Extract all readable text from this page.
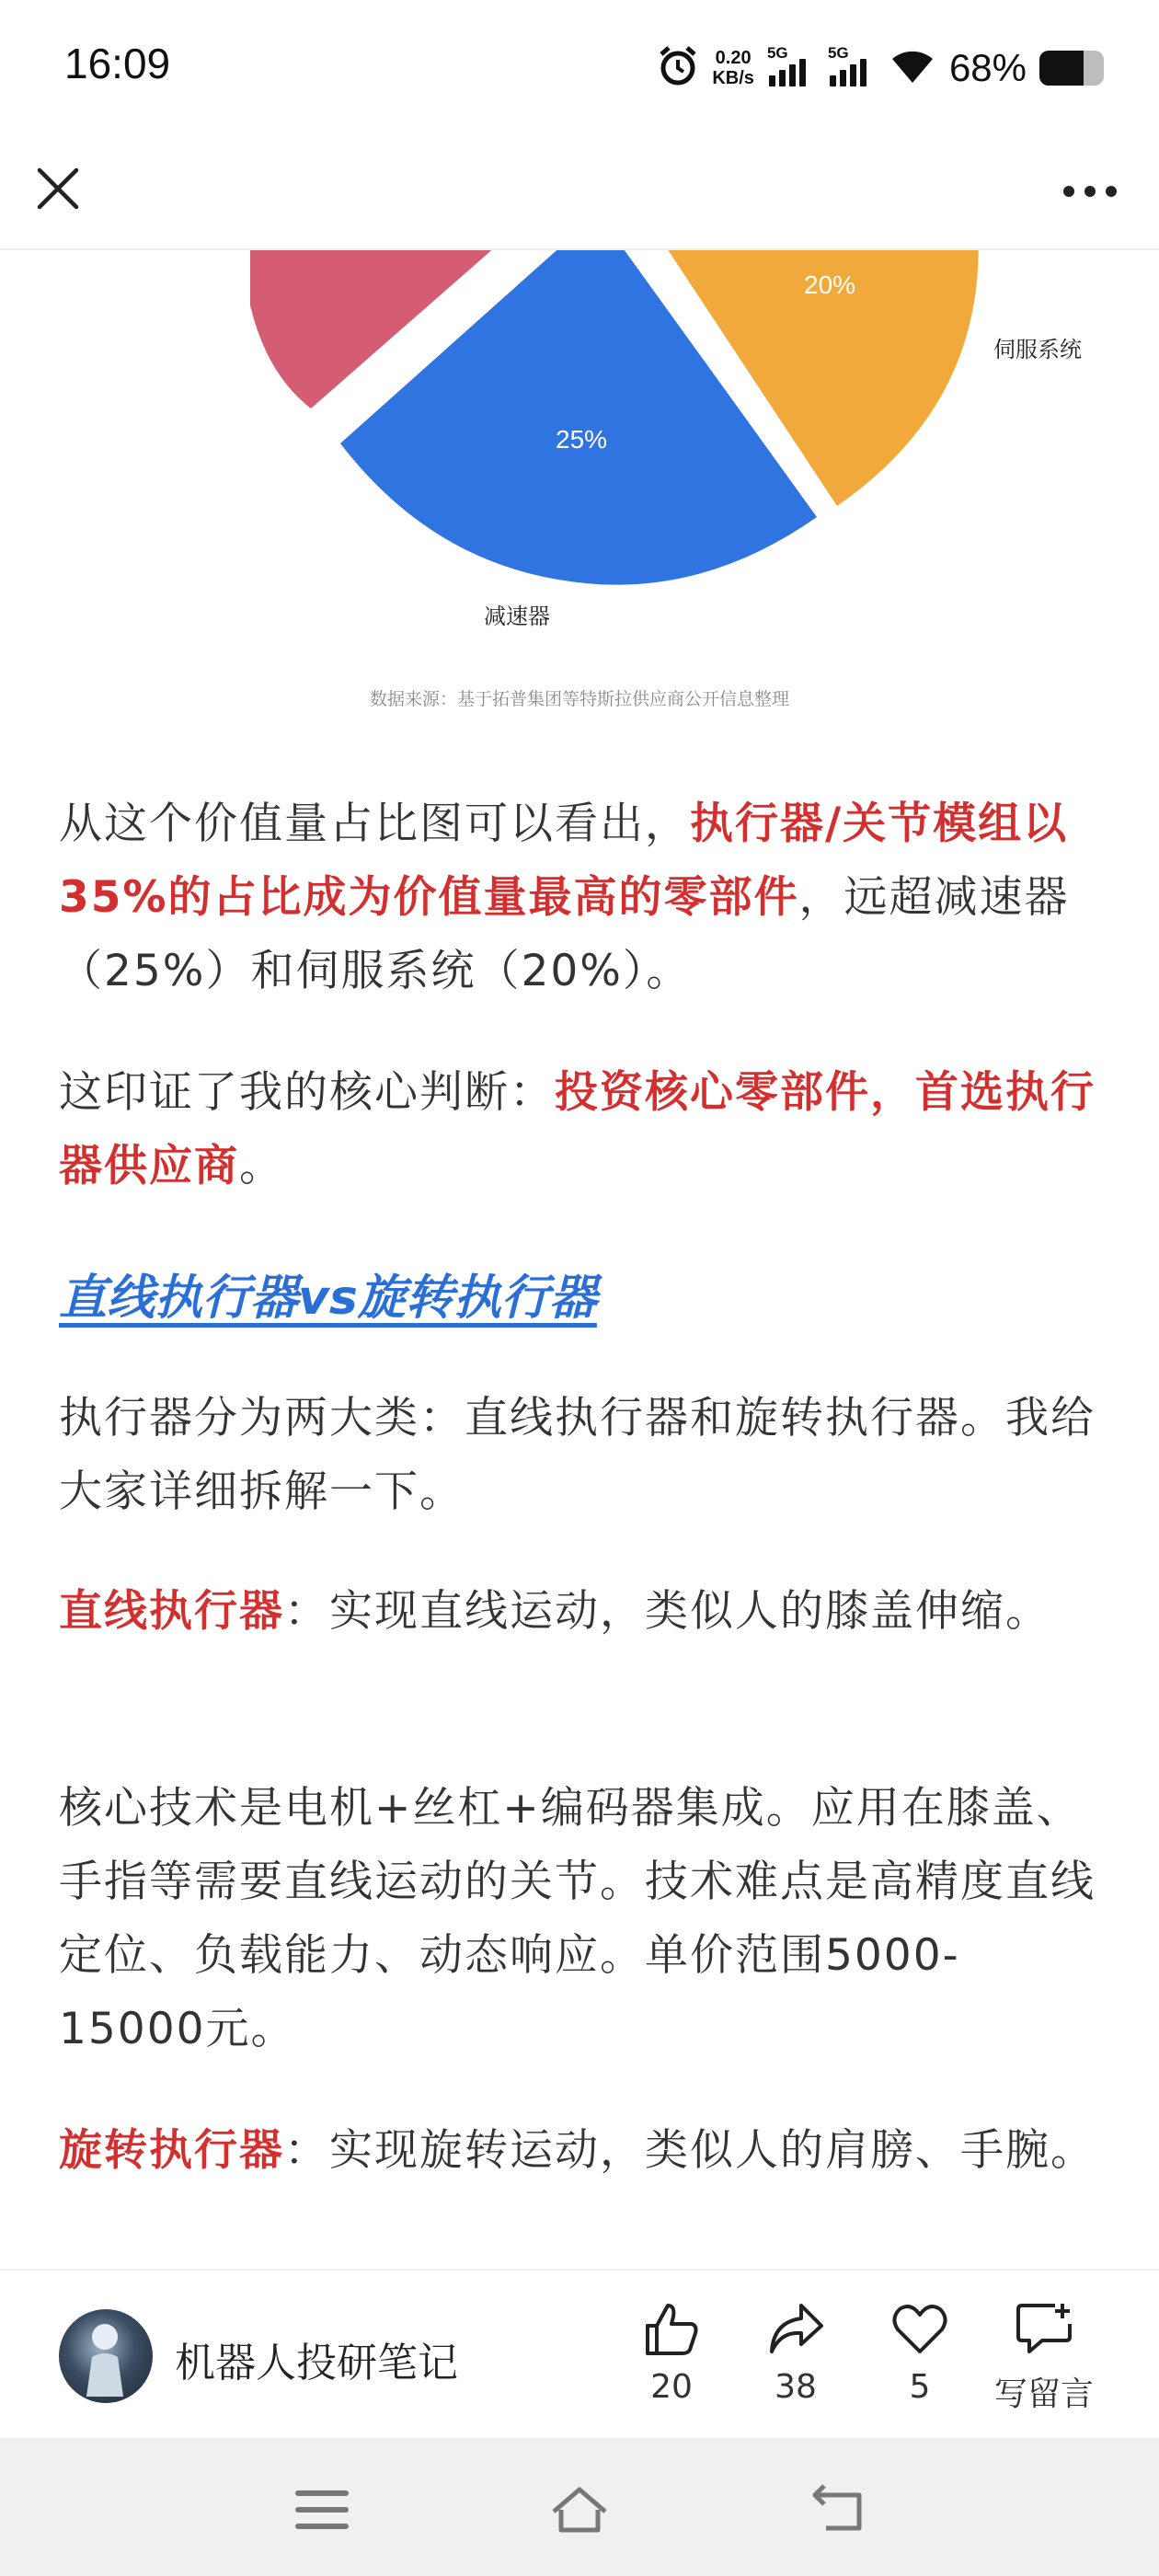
16:09	0.20
KB/s
5G	5G	68%
20%
25%
伺服系统
减速器
数据来源：基于拓普集团等特斯拉供应商公开信息整理

从这个价值量占比图可以看出，执行器/关节模组以35%的占比成为价值量最高的零部件，远超减速器（25%）和伺服系统（20%）。

这印证了我的核心判断：投资核心零部件，首选执行器供应商。

直线执行器vs旋转执行器

执行器分为两大类：直线执行器和旋转执行器。我给大家详细拆解一下。

直线执行器：实现直线运动，类似人的膝盖伸缩。

核心技术是电机+丝杠+编码器集成。应用在膝盖、手指等需要直线运动的关节。技术难点是高精度直线定位、负载能力、动态响应。单价范围5000-15000元。

旋转执行器：实现旋转运动，类似人的肩膀、手腕。

机器人投研笔记
20	38	5	写留言
